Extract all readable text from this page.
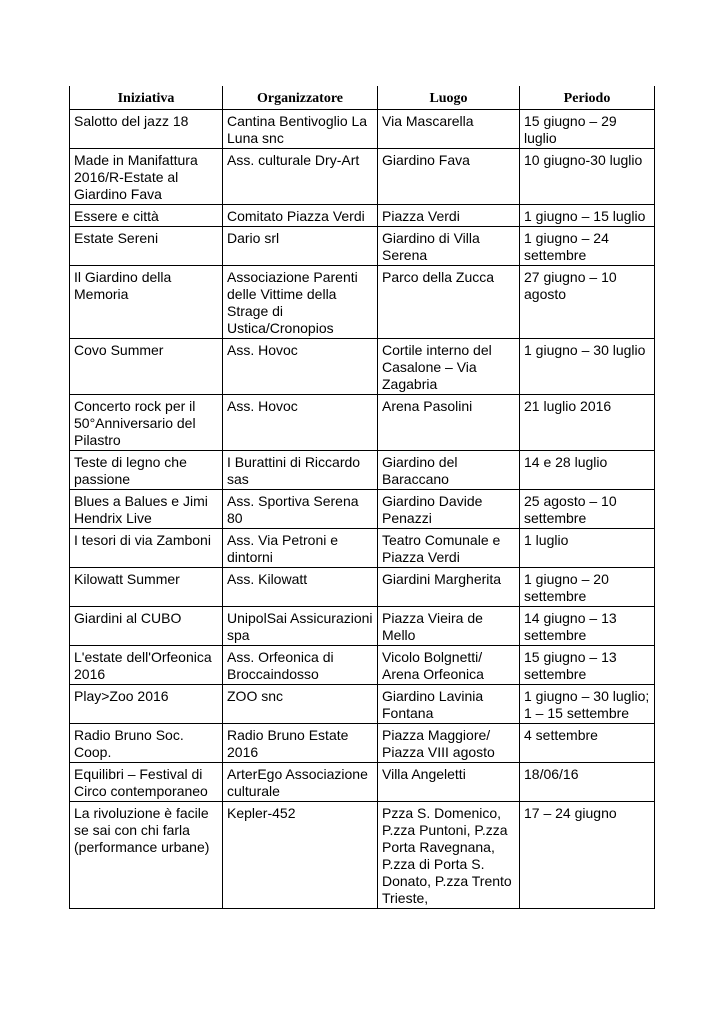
Iniziativa	Organizzatore	Luogo	Periodo
Salotto del jazz 18	Cantina Bentivoglio La Luna snc	Via Mascarella	15 giugno – 29 luglio
Made in Manifattura 2016/R-Estate al Giardino Fava	Ass. culturale Dry-Art	Giardino Fava	10 giugno-30 luglio
Essere e città	Comitato Piazza Verdi	Piazza Verdi	1 giugno – 15 luglio
Estate Sereni	Dario srl	Giardino di Villa Serena	1 giugno – 24 settembre
Il Giardino della Memoria	Associazione Parenti delle Vittime della Strage di Ustica/Cronopios	Parco della Zucca	27 giugno – 10 agosto
Covo Summer	Ass. Hovoc	Cortile interno del Casalone – Via Zagabria	1 giugno – 30 luglio
Concerto rock per il 50°Anniversario del Pilastro	Ass. Hovoc	Arena Pasolini	21 luglio 2016
Teste di legno che passione	I Burattini di Riccardo sas	Giardino del Baraccano	14 e 28 luglio
Blues a Balues e Jimi Hendrix Live	Ass. Sportiva Serena 80	Giardino Davide Penazzi	25 agosto – 10 settembre
I tesori di via Zamboni	Ass. Via Petroni e dintorni	Teatro Comunale e Piazza Verdi	1 luglio
Kilowatt Summer	Ass. Kilowatt	Giardini Margherita	1 giugno – 20 settembre
Giardini al CUBO	UnipolSai Assicurazioni spa	Piazza Vieira de Mello	14 giugno – 13 settembre
L'estate dell'Orfeonica 2016	Ass. Orfeonica di Broccaindosso	Vicolo Bolgnetti/ Arena Orfeonica	15 giugno – 13 settembre
Play>Zoo 2016	ZOO snc	Giardino Lavinia Fontana	1 giugno – 30 luglio;
1 – 15 settembre
Radio Bruno Soc. Coop.	Radio Bruno Estate 2016	Piazza Maggiore/ Piazza VIII agosto	4 settembre
Equilibri – Festival di Circo contemporaneo	ArterEgo Associazione culturale	Villa Angeletti	18/06/16
La rivoluzione è facile se sai con chi farla (performance urbane)	Kepler-452	Pzza S. Domenico, P.zza Puntoni, P.zza Porta Ravegnana, P.zza di Porta S. Donato, P.zza Trento Trieste,	17 – 24 giugno
